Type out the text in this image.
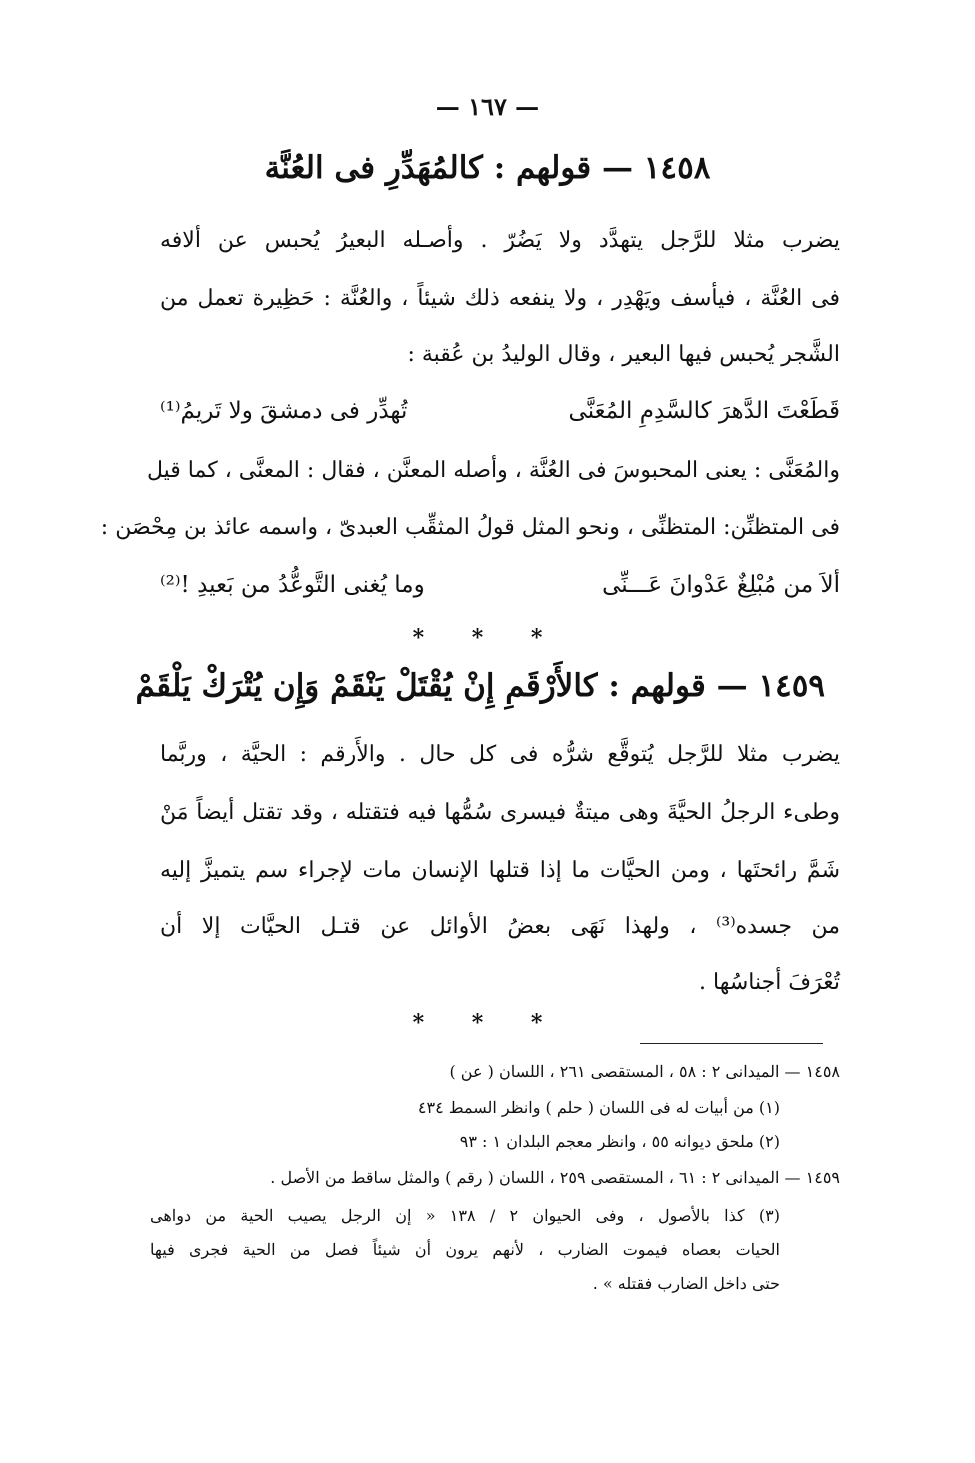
— ١٦٧ —
١٤٥٨ — قولهم : كالمُهَدِّرِ فى العُنَّة
يضرب مثلا للرَّجل يتهدَّد ولا يَضُرّ . وأصـله البعيرُ يُحبس عن ألافه
فى العُنَّة ، فيأسف ويَهْدِر ، ولا ينفعه ذلك شيئاً ، والعُنَّة : حَظِيرة تعمل من
الشَّجر يُحبس فيها البعير ، وقال الوليدُ بن عُقبة :
قَطَعْتَ الدَّهرَ كالسَّدِمِ المُعَنَّى
تُهدِّر فى دمشقَ ولا تَريمُ⁽¹⁾
والمُعَنَّى : يعنى المحبوسَ فى العُنَّة ، وأصله المعنَّن ، فقال : المعنَّى ، كما قيل
فى المتظنِّن: المتظنِّى ، ونحو المثل قولُ المثقِّب العبدىّ ، واسمه عائذ بن مِحْصَن :
ألاَ من مُبْلِغٌ عَدْوانَ عَـــنِّى
وما يُغنى التَّوعُّدُ من بَعيدِ !⁽²⁾
* * *
١٤٥٩ — قولهم : كالأَرْقَمِ إِنْ يُقْتَلْ يَنْقَمْ وَإِن يُتْرَكْ يَلْقَمْ
يضرب مثلا للرَّجل يُتوقَّع شرُّه فى كل حال . والأَرقم : الحيَّة ، وربَّما
وطىء الرجلُ الحيَّةَ وهى ميتةٌ فيسرى سُمُّها فيه فتقتله ، وقد تقتل أيضاً مَنْ
شَمَّ رائحتَها ، ومن الحيَّات ما إذا قتلها الإنسان مات لإجراء سم يتميزَّ إليه
من جسده⁽³⁾ ، ولهذا نَهَى بعضُ الأوائل عن قتـل الحيَّات إلا أن
تُعْرَفَ أجناسُها .
* * *
١٤٥٨ — الميدانى ٢ : ٥٨ ، المستقصى ٢٦١ ، اللسان ( عن )
(١) من أبيات له فى اللسان ( حلم ) وانظر السمط ٤٣٤
(٢) ملحق ديوانه ٥٥ ، وانظر معجم البلدان ١ : ٩٣
١٤٥٩ — الميدانى ٢ : ٦١ ، المستقصى ٢٥٩ ، اللسان ( رقم ) والمثل ساقط من الأصل .
(٣) كذا بالأصول ، وفى الحيوان ٢ / ١٣٨ « إن الرجل يصيب الحية من دواهى
الحيات بعصاه فيموت الضارب ، لأنهم يرون أن شيئاً فصل من الحية فجرى فيها
حتى داخل الضارب فقتله » .
